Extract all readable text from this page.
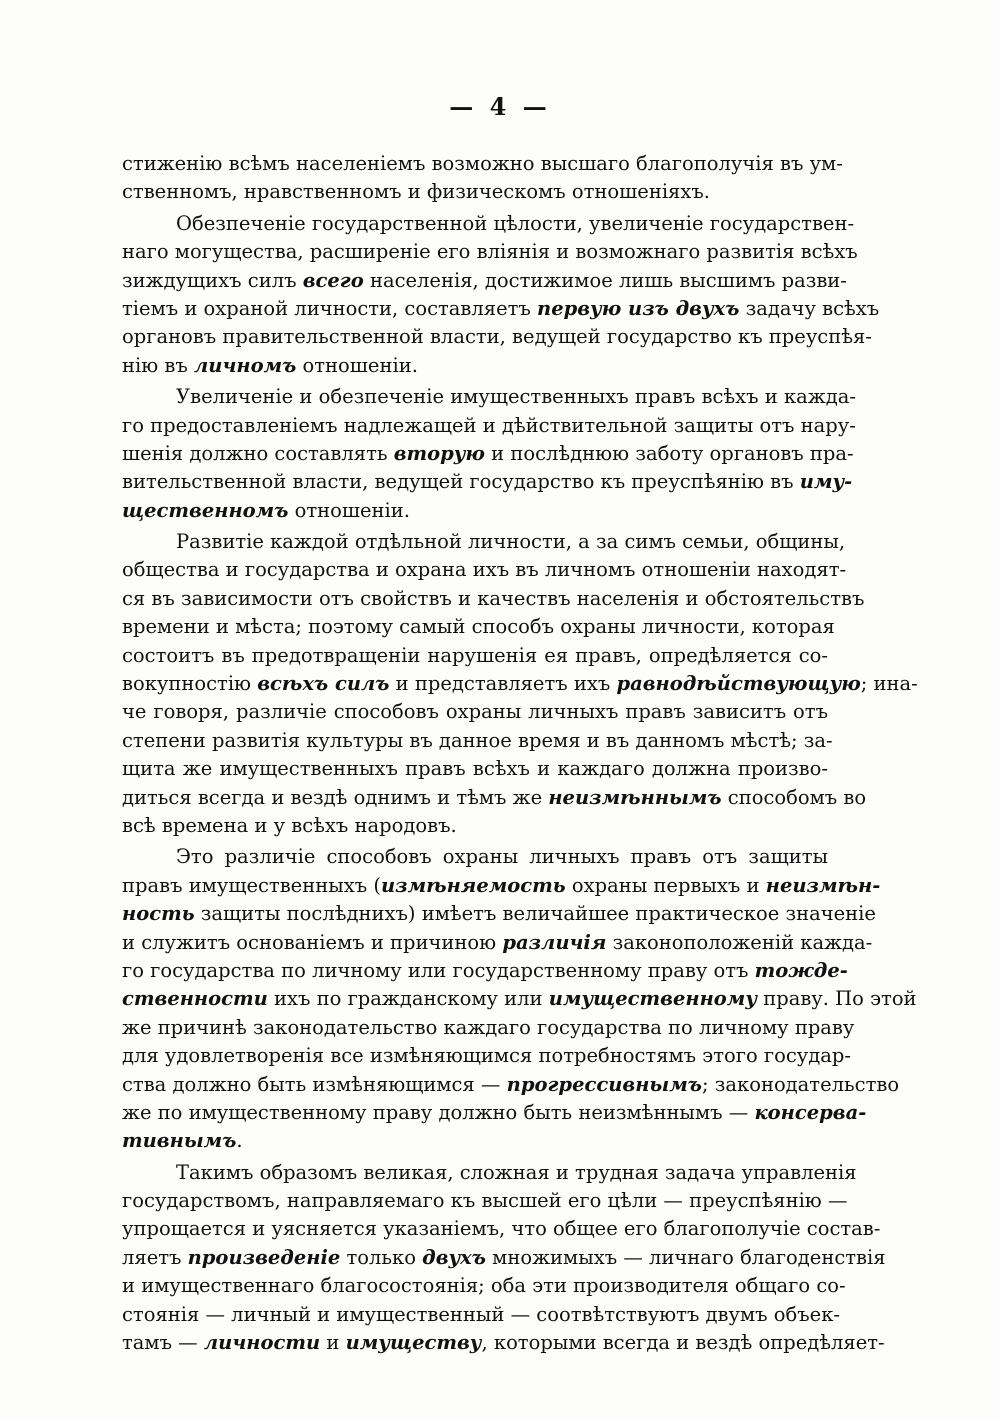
— 4 —
стиженію всѣмъ населеніемъ возможно высшаго благополучія въ ум-
ственномъ, нравственномъ и физическомъ отношеніяхъ.
Обезпеченіе государственной цѣлости, увеличеніе государствен-
наго могущества, расширеніе его вліянія и возможнаго развитія всѣхъ
зиждущихъ силъ всего населенія, достижимое лишь высшимъ разви-
тіемъ и охраной личности, составляетъ первую изъ двухъ задачу всѣхъ
органовъ правительственной власти, ведущей государство къ преуспѣя-
нію въ личномъ отношеніи.
Увеличеніе и обезпеченіе имущественныхъ правъ всѣхъ и кажда-
го предоставленіемъ надлежащей и дѣйствительной защиты отъ нару-
шенія должно составлять вторую и послѣднюю заботу органовъ пра-
вительственной власти, ведущей государство къ преуспѣянію въ иму-
щественномъ отношеніи.
Развитіе каждой отдѣльной личности, а за симъ семьи, общины,
общества и государства и охрана ихъ въ личномъ отношеніи находят-
ся въ зависимости отъ свойствъ и качествъ населенія и обстоятельствъ
времени и мѣста; поэтому самый способъ охраны личности, которая
состоитъ въ предотвращеніи нарушенія ея правъ, опредѣляется со-
вокупностію всѣхъ силъ и представляетъ ихъ равнодѣйствующую; ина-
че говоря, различіе способовъ охраны личныхъ правъ зависитъ отъ
степени развитія культуры въ данное время и въ данномъ мѣстѣ; за-
щита же имущественныхъ правъ всѣхъ и каждаго должна произво-
диться всегда и вездѣ однимъ и тѣмъ же неизмѣннымъ способомъ во
всѣ времена и у всѣхъ народовъ.
Это различіе способовъ охраны личныхъ правъ отъ защиты
правъ имущественныхъ (измѣняемость охраны первыхъ и неизмѣн-
ность защиты послѣднихъ) имѣетъ величайшее практическое значеніе
и служитъ основаніемъ и причиною различія законоположеній кажда-
го государства по личному или государственному праву отъ тожде-
ственности ихъ по гражданскому или имущественному праву. По этой
же причинѣ законодательство каждаго государства по личному праву
для удовлетворенія все измѣняющимся потребностямъ этого государ-
ства должно быть измѣняющимся — прогрессивнымъ; законодательство
же по имущественному праву должно быть неизмѣннымъ — консерва-
тивнымъ.
Такимъ образомъ великая, сложная и трудная задача управленія
государствомъ, направляемаго къ высшей его цѣли — преуспѣянію —
упрощается и уясняется указаніемъ, что общее его благополучіе состав-
ляетъ произведеніе только двухъ множимыхъ — личнаго благоденствія
и имущественнаго благосостоянія; оба эти производителя общаго со-
стоянія — личный и имущественный — соотвѣтствуютъ двумъ объек-
тамъ — личности и имуществу, которыми всегда и вездѣ опредѣляет-
